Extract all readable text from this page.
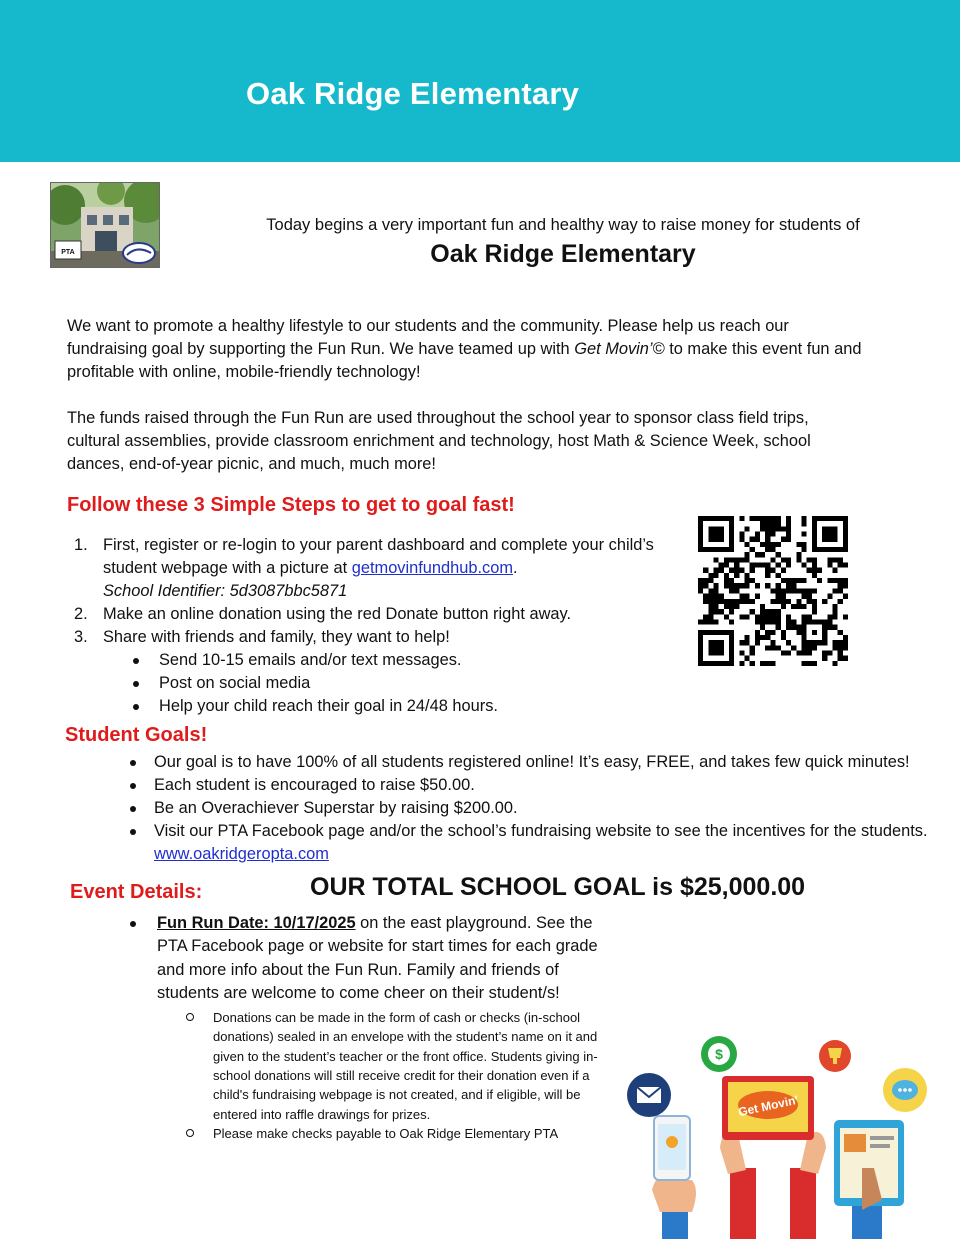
Oak Ridge Elementary
PTA
Today begins a very important fun and healthy way to raise money for students of
Oak Ridge Elementary

We want to promote a healthy lifestyle to our students and the community. Please help us reach our fundraising goal by supporting the Fun Run. We have teamed up with Get Movin’© to make this event fun and profitable with online, mobile-friendly technology!

The funds raised through the Fun Run are used throughout the school year to sponsor class field trips, cultural assemblies, provide classroom enrichment and technology, host Math & Science Week, school dances, end-of-year picnic, and much, much more!

Follow these 3 Simple Steps to get to goal fast!
1. First, register or re-login to your parent dashboard and complete your child’s student webpage with a picture at getmovinfundhub.com.
School Identifier: 5d3087bbc5871
2. Make an online donation using the red Donate button right away.
3. Share with friends and family, they want to help!
Send 10-15 emails and/or text messages.
Post on social media
Help your child reach their goal in 24/48 hours.
Student Goals!
Our goal is to have 100% of all students registered online! It’s easy, FREE, and takes few quick minutes!
Each student is encouraged to raise $50.00.
Be an Overachiever Superstar by raising $200.00.
Visit our PTA Facebook page and/or the school’s fundraising website to see the incentives for the students. www.oakridgeropta.com
Event Details:	OUR TOTAL SCHOOL GOAL is $25,000.00
Fun Run Date: 10/17/2025 on the east playground. See the PTA Facebook page or website for start times for each grade and more info about the Fun Run. Family and friends of students are welcome to come cheer on their student/s!
Donations can be made in the form of cash or checks (in-school donations) sealed in an envelope with the student’s name on it and given to the student’s teacher or the front office. Students giving in-school donations will still receive credit for their donation even if a child's fundraising webpage is not created, and if eligible, will be entered into raffle drawings for prizes.
Please make checks payable to Oak Ridge Elementary PTA
Get Movin'
$
